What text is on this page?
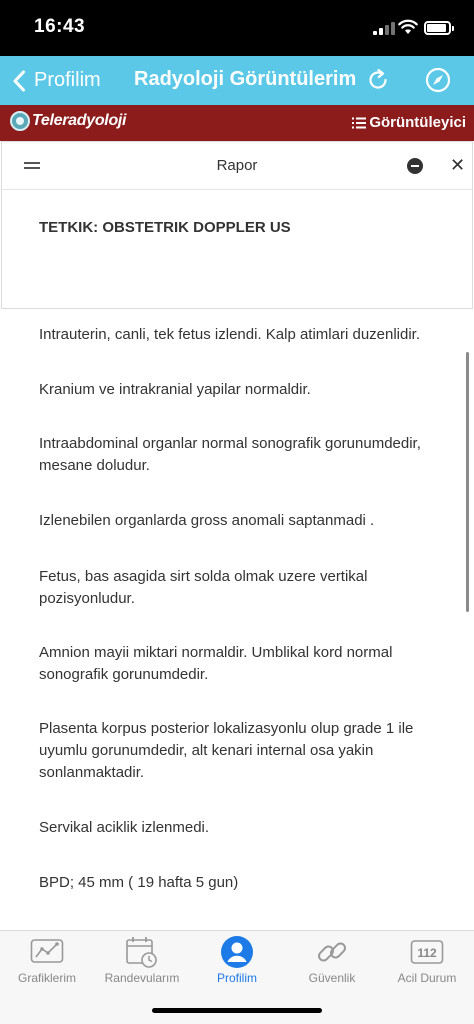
16:43
Profilim Radyoloji Görüntülerim
Teleradyoloji	Görüntüleyici
Rapor	✕
TETKIK: OBSTETRIK DOPPLER US

Intrauterin, canli, tek fetus izlendi. Kalp atimlari duzenlidir.

Kranium ve intrakranial yapilar normaldir.

Intraabdominal organlar normal sonografik gorunumdedir, mesane doludur.

Izlenebilen organlarda gross anomali saptanmadi .

Fetus, bas asagida sirt solda olmak uzere vertikal pozisyonludur.

Amnion mayii miktari normaldir. Umblikal kord normal sonografik gorunumdedir.

Plasenta korpus posterior lokalizasyonlu olup grade 1 ile uyumlu gorunumdedir, alt kenari internal osa yakin sonlanmaktadir.

Servikal aciklik izlenmedi.

BPD; 45 mm ( 19 hafta 5 gun)

Grafiklerim	Randevularım	Profilim	Güvenlik
112
Acil Durum
